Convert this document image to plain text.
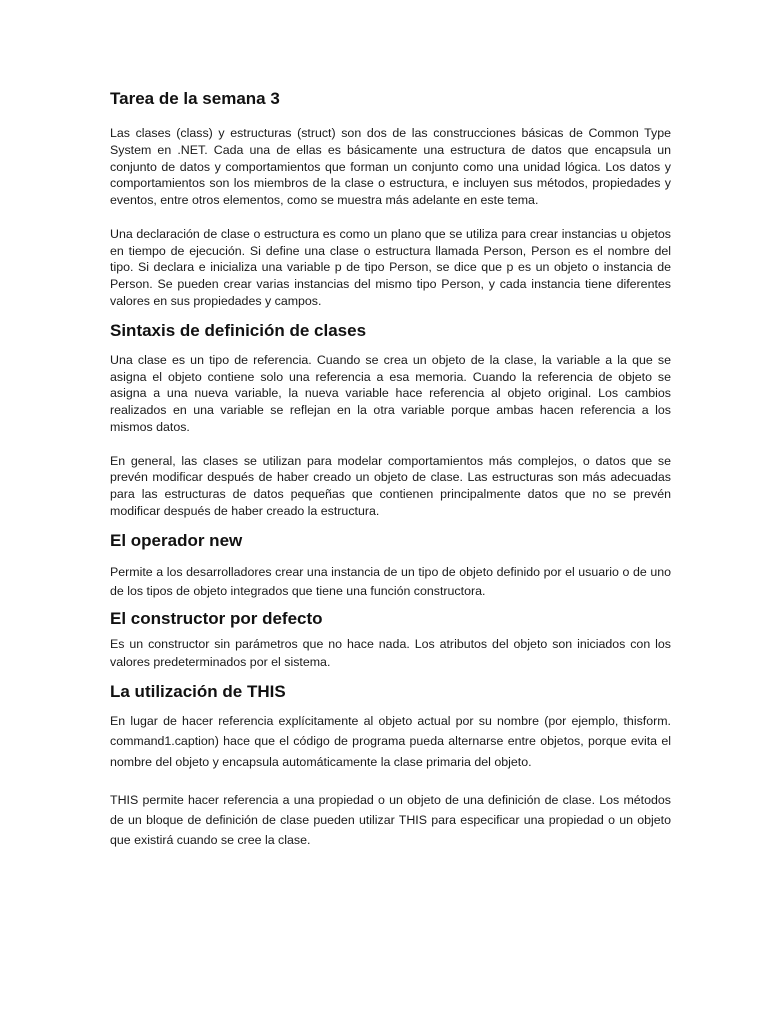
Tarea de la semana 3

Las clases (class) y estructuras (struct) son dos de las construcciones básicas de Common Type System en .NET. Cada una de ellas es básicamente una estructura de datos que encapsula un conjunto de datos y comportamientos que forman un conjunto como una unidad lógica. Los datos y comportamientos son los miembros de la clase o estructura, e incluyen sus métodos, propiedades y eventos, entre otros elementos, como se muestra más adelante en este tema.

Una declaración de clase o estructura es como un plano que se utiliza para crear instancias u objetos en tiempo de ejecución. Si define una clase o estructura llamada Person, Person es el nombre del tipo. Si declara e inicializa una variable p de tipo Person, se dice que p es un objeto o instancia de Person. Se pueden crear varias instancias del mismo tipo Person, y cada instancia tiene diferentes valores en sus propiedades y campos.

Sintaxis de definición de clases

Una clase es un tipo de referencia. Cuando se crea un objeto de la clase, la variable a la que se asigna el objeto contiene solo una referencia a esa memoria. Cuando la referencia de objeto se asigna a una nueva variable, la nueva variable hace referencia al objeto original. Los cambios realizados en una variable se reflejan en la otra variable porque ambas hacen referencia a los mismos datos.

En general, las clases se utilizan para modelar comportamientos más complejos, o datos que se prevén modificar después de haber creado un objeto de clase. Las estructuras son más adecuadas para las estructuras de datos pequeñas que contienen principalmente datos que no se prevén modificar después de haber creado la estructura.

El operador new

Permite a los desarrolladores crear una instancia de un tipo de objeto definido por el usuario o de uno de los tipos de objeto integrados que tiene una función constructora.

El constructor por defecto

Es un constructor sin parámetros que no hace nada. Los atributos del objeto son iniciados con los valores predeterminados por el sistema.

La utilización de THIS

En lugar de hacer referencia explícitamente al objeto actual por su nombre (por ejemplo, thisform. command1.caption) hace que el código de programa pueda alternarse entre objetos, porque evita el nombre del objeto y encapsula automáticamente la clase primaria del objeto.

THIS permite hacer referencia a una propiedad o un objeto de una definición de clase. Los métodos de un bloque de definición de clase pueden utilizar THIS para especificar una propiedad o un objeto que existirá cuando se cree la clase.
